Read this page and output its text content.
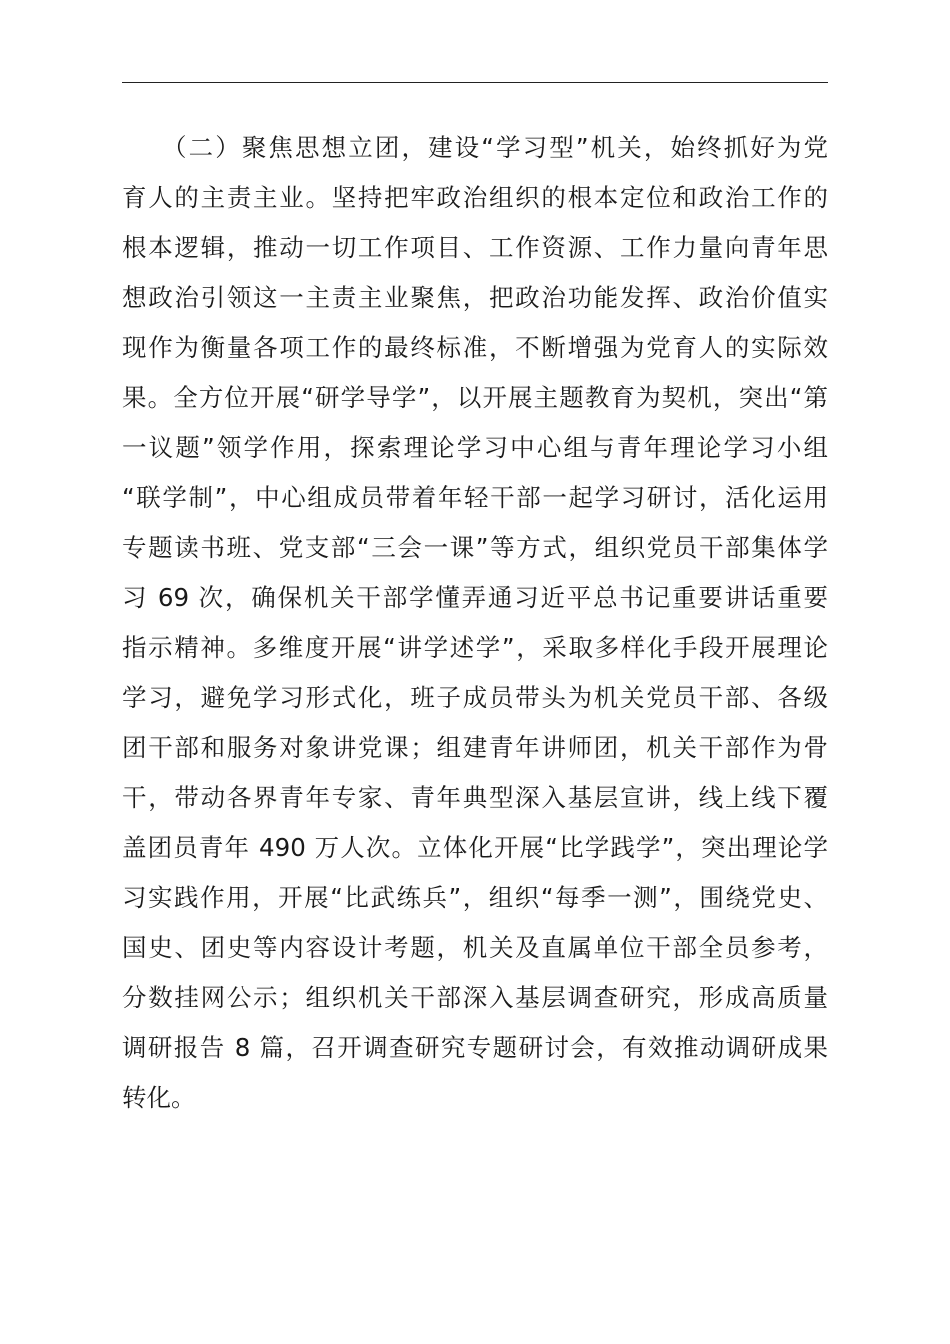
（二）聚焦思想立团，建设“学习型”机关，始终抓好为党
育人的主责主业。坚持把牢政治组织的根本定位和政治工作的
根本逻辑，推动一切工作项目、工作资源、工作力量向青年思
想政治引领这一主责主业聚焦，把政治功能发挥、政治价值实
现作为衡量各项工作的最终标准，不断增强为党育人的实际效
果。全方位开展“研学导学”，以开展主题教育为契机，突出“第
一议题”领学作用，探索理论学习中心组与青年理论学习小组
“联学制”，中心组成员带着年轻干部一起学习研讨，活化运用
专题读书班、党支部“三会一课”等方式，组织党员干部集体学
习 69 次，确保机关干部学懂弄通习近平总书记重要讲话重要
指示精神。多维度开展“讲学述学”，采取多样化手段开展理论
学习，避免学习形式化，班子成员带头为机关党员干部、各级
团干部和服务对象讲党课；组建青年讲师团，机关干部作为骨
干，带动各界青年专家、青年典型深入基层宣讲，线上线下覆
盖团员青年 490 万人次。立体化开展“比学践学”，突出理论学
习实践作用，开展“比武练兵”，组织“每季一测”，围绕党史、
国史、团史等内容设计考题，机关及直属单位干部全员参考，
分数挂网公示；组织机关干部深入基层调查研究，形成高质量
调研报告 8 篇，召开调查研究专题研讨会，有效推动调研成果
转化。
